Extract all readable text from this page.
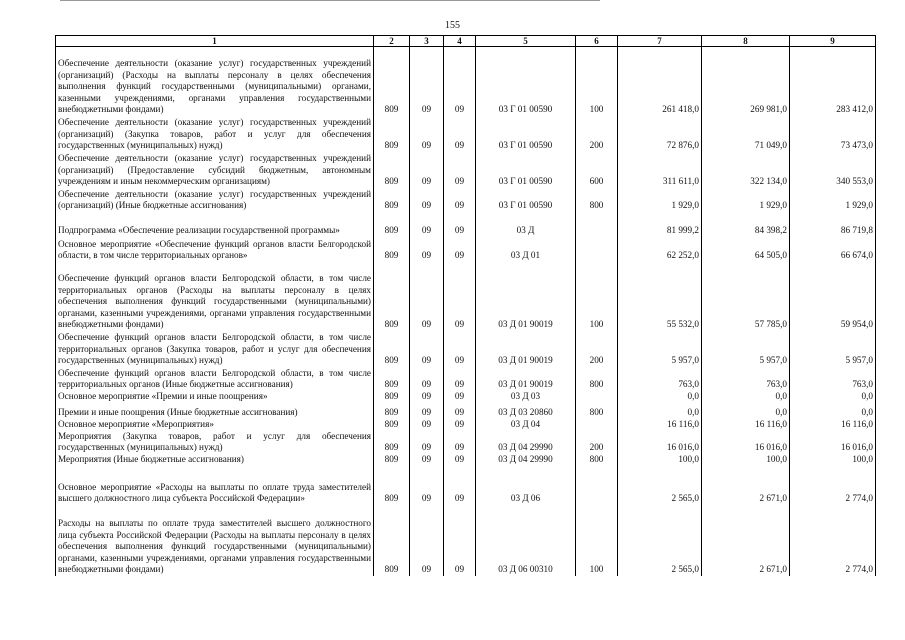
155
1	2	3	4	5	6	7	8	9
Обеспечение деятельности (оказание услуг) государственных учреждений (организаций) (Расходы на выплаты персоналу в целях обеспечения выполнения функций государственными (муниципальными) органами, казенными учреждениями, органами управления государственными внебюджетными фондами)	809	09	09	03 Г 01 00590	100	261 418,0	269 981,0	283 412,0
Обеспечение деятельности (оказание услуг) государственных учреждений (организаций) (Закупка товаров, работ и услуг для обеспечения государственных (муниципальных) нужд)	809	09	09	03 Г 01 00590	200	72 876,0	71 049,0	73 473,0
Обеспечение деятельности (оказание услуг) государственных учреждений (организаций) (Предоставление субсидий бюджетным, автономным учреждениям и иным некоммерческим организациям)	809	09	09	03 Г 01 00590	600	311 611,0	322 134,0	340 553,0
Обеспечение деятельности (оказание услуг) государственных учреждений (организаций) (Иные бюджетные ассигнования)	809	09	09	03 Г 01 00590	800	1 929,0	1 929,0	1 929,0
Подпрограмма «Обеспечение реализации государственной программы»	809	09	09	03 Д		81 999,2	84 398,2	86 719,8
Основное мероприятие «Обеспечение функций органов власти Белгородской области, в том числе территориальных органов»	809	09	09	03 Д 01		62 252,0	64 505,0	66 674,0
Обеспечение функций органов власти Белгородской области, в том числе территориальных органов (Расходы на выплаты персоналу в целях обеспечения выполнения функций государственными (муниципальными) органами, казенными учреждениями, органами управления государственными внебюджетными фондами)	809	09	09	03 Д 01 90019	100	55 532,0	57 785,0	59 954,0
Обеспечение функций органов власти Белгородской области, в том числе территориальных органов (Закупка товаров, работ и услуг для обеспечения государственных (муниципальных) нужд)	809	09	09	03 Д 01 90019	200	5 957,0	5 957,0	5 957,0
Обеспечение функций органов власти Белгородской области, в том числе территориальных органов (Иные бюджетные ассигнования)	809	09	09	03 Д 01 90019	800	763,0	763,0	763,0
Основное мероприятие «Премии и иные поощрения»	809	09	09	03 Д 03		0,0	0,0	0,0
Премии и иные поощрения (Иные бюджетные ассигнования)	809	09	09	03 Д 03 20860	800	0,0	0,0	0,0
Основное мероприятие «Мероприятия»	809	09	09	03 Д 04		16 116,0	16 116,0	16 116,0
Мероприятия (Закупка товаров, работ и услуг для обеспечения государственных (муниципальных) нужд)	809	09	09	03 Д 04 29990	200	16 016,0	16 016,0	16 016,0
Мероприятия (Иные бюджетные ассигнования)	809	09	09	03 Д 04 29990	800	100,0	100,0	100,0
Основное мероприятие «Расходы на выплаты по оплате труда заместителей высшего должностного лица субъекта Российской Федерации»	809	09	09	03 Д 06		2 565,0	2 671,0	2 774,0
Расходы на выплаты по оплате труда заместителей высшего должностного лица субъекта Российской Федерации (Расходы на выплаты персоналу в целях обеспечения выполнения функций государственными (муниципальными) органами, казенными учреждениями, органами управления государственными внебюджетными фондами)	809	09	09	03 Д 06 00310	100	2 565,0	2 671,0	2 774,0
